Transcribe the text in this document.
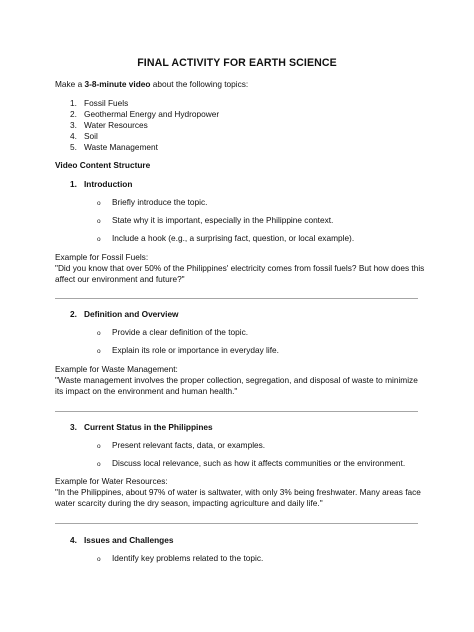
FINAL ACTIVITY FOR EARTH SCIENCE
Make a 3-8-minute video about the following topics:
1. Fossil Fuels
2. Geothermal Energy and Hydropower
3. Water Resources
4. Soil
5. Waste Management
Video Content Structure
1. Introduction
o Briefly introduce the topic.
o State why it is important, especially in the Philippine context.
o Include a hook (e.g., a surprising fact, question, or local example).
Example for Fossil Fuels:
"Did you know that over 50% of the Philippines' electricity comes from fossil fuels? But how does this affect our environment and future?"
2. Definition and Overview
o Provide a clear definition of the topic.
o Explain its role or importance in everyday life.
Example for Waste Management:
"Waste management involves the proper collection, segregation, and disposal of waste to minimize its impact on the environment and human health."
3. Current Status in the Philippines
o Present relevant facts, data, or examples.
o Discuss local relevance, such as how it affects communities or the environment.
Example for Water Resources:
"In the Philippines, about 97% of water is saltwater, with only 3% being freshwater. Many areas face water scarcity during the dry season, impacting agriculture and daily life."
4. Issues and Challenges
o Identify key problems related to the topic.
